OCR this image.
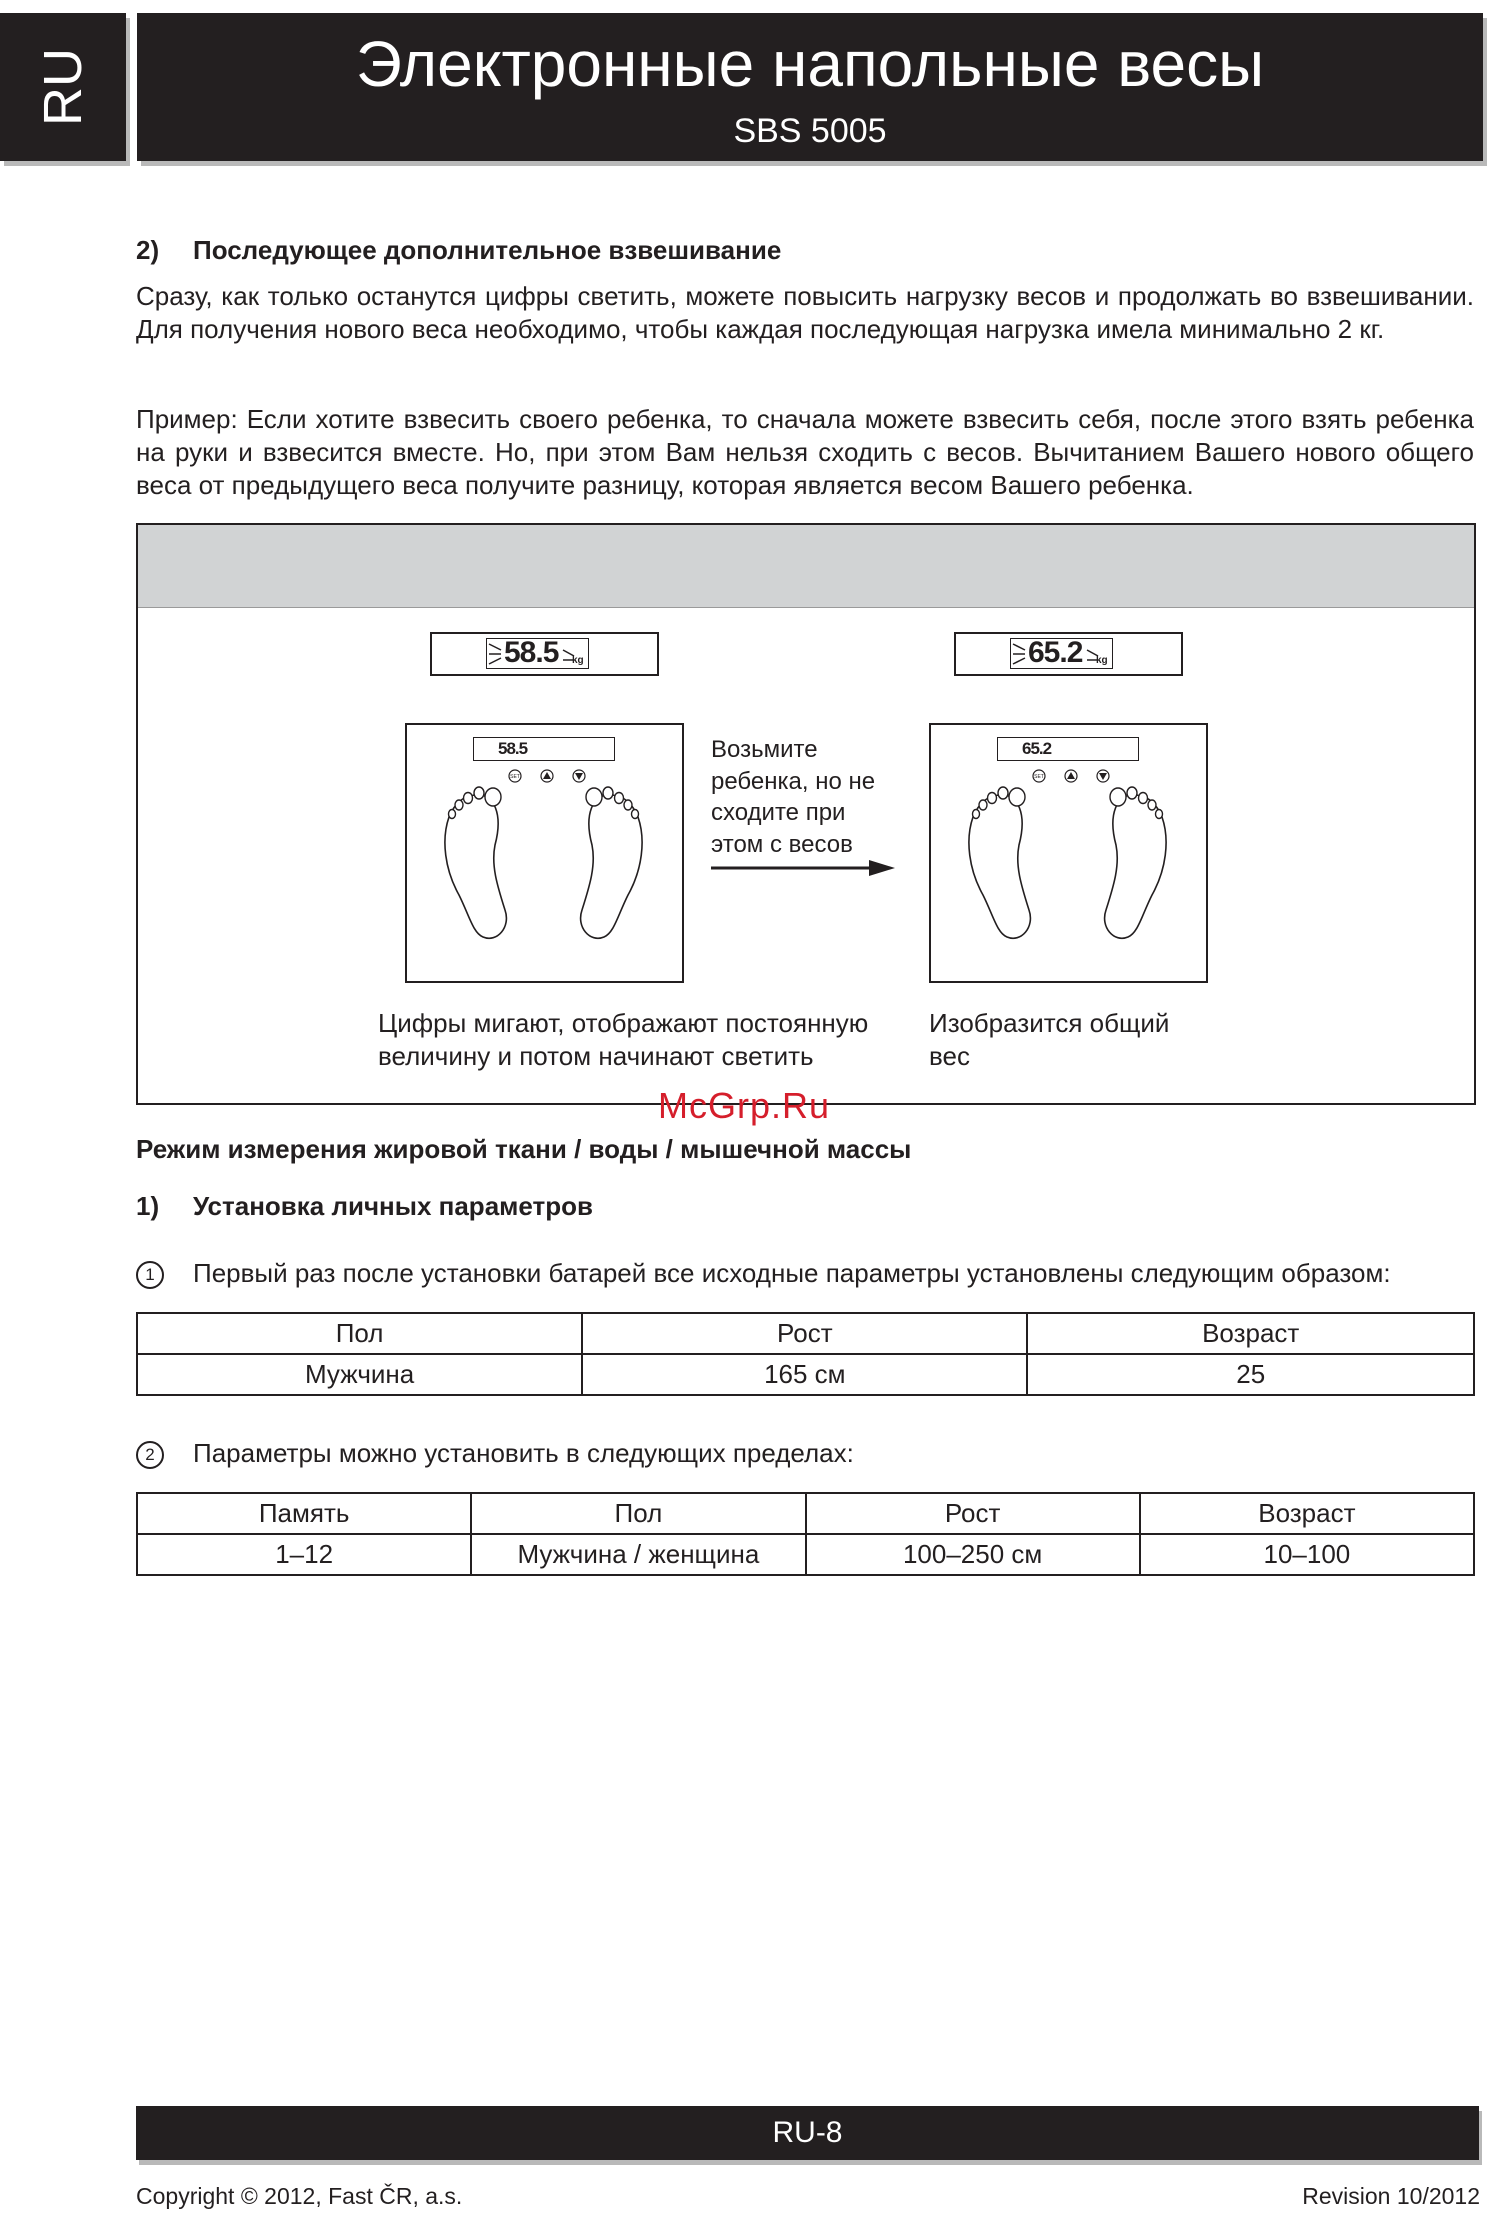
RU	Электронные напольные весы
SBS 5005
2) Последующее дополнительное взвешивание
Сразу, как только останутся цифры светить, можете повысить нагрузку весов и продолжать во взвешивании. Для получения нового веса необходимо, чтобы каждая последующая нагрузка имела минимально 2 кг.
Пример: Если хотите взвесить своего ребенка, то сначала можете взвесить себя, после этого взять ребенка на руки и взвесится вместе. Но, при этом Вам нельзя сходить с весов. Вычитанием Вашего нового общего веса от предыдущего веса получите разницу, которая является весом Вашего ребенка.
58.5 kg	65.2 kg
58.5
SET
Возьмите
ребенка, но не
сходите при
этом с весов
65.2
SET
Цифры мигают, отображают постоянную
величину и потом начинают светить
Изобразится общий
вес
McGrp.Ru
Режим измерения жировой ткани / воды / мышечной массы
1) Установка личных параметров
1	Первый раз после установки батарей все исходные параметры установлены следующим образом:
Пол	Рост	Возраст
Мужчина	165 см	25
2	Параметры можно установить в следующих пределах:
Память	Пол	Рост	Возраст
1–12	Мужчина / женщина	100–250 см	10–100
RU-8
Copyright © 2012, Fast ČR, a.s.	Revision 10/2012
